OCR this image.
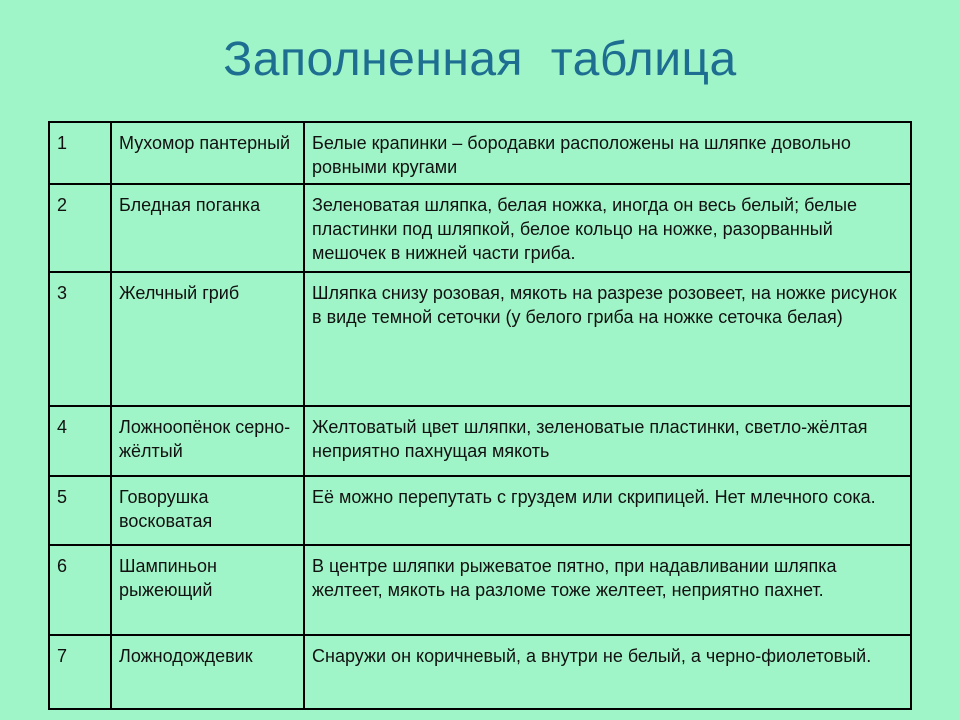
Заполненная  таблица
1	Мухомор пантерный	Белые крапинки – бородавки расположены на шляпке довольно ровными кругами
2	Бледная поганка	Зеленоватая шляпка, белая ножка, иногда он весь белый; белые пластинки под шляпкой, белое кольцо на ножке, разорванный мешочек в нижней части гриба.
3	Желчный гриб	Шляпка снизу розовая, мякоть на разрезе розовеет, на ножке рисунок в виде темной сеточки (у белого гриба на ножке сеточка белая)
4	Ложноопёнок серно-жёлтый	Желтоватый цвет шляпки, зеленоватые пластинки, светло-жёлтая неприятно пахнущая мякоть
5	Говорушка восковатая	Её можно перепутать с груздем или скрипицей. Нет млечного сока.
6	Шампиньон рыжеющий	В центре шляпки рыжеватое пятно, при надавливании шляпка желтеет, мякоть на разломе тоже желтеет, неприятно пахнет.
7	Ложнодождевик	Снаружи он коричневый, а внутри не белый, а черно-фиолетовый.
